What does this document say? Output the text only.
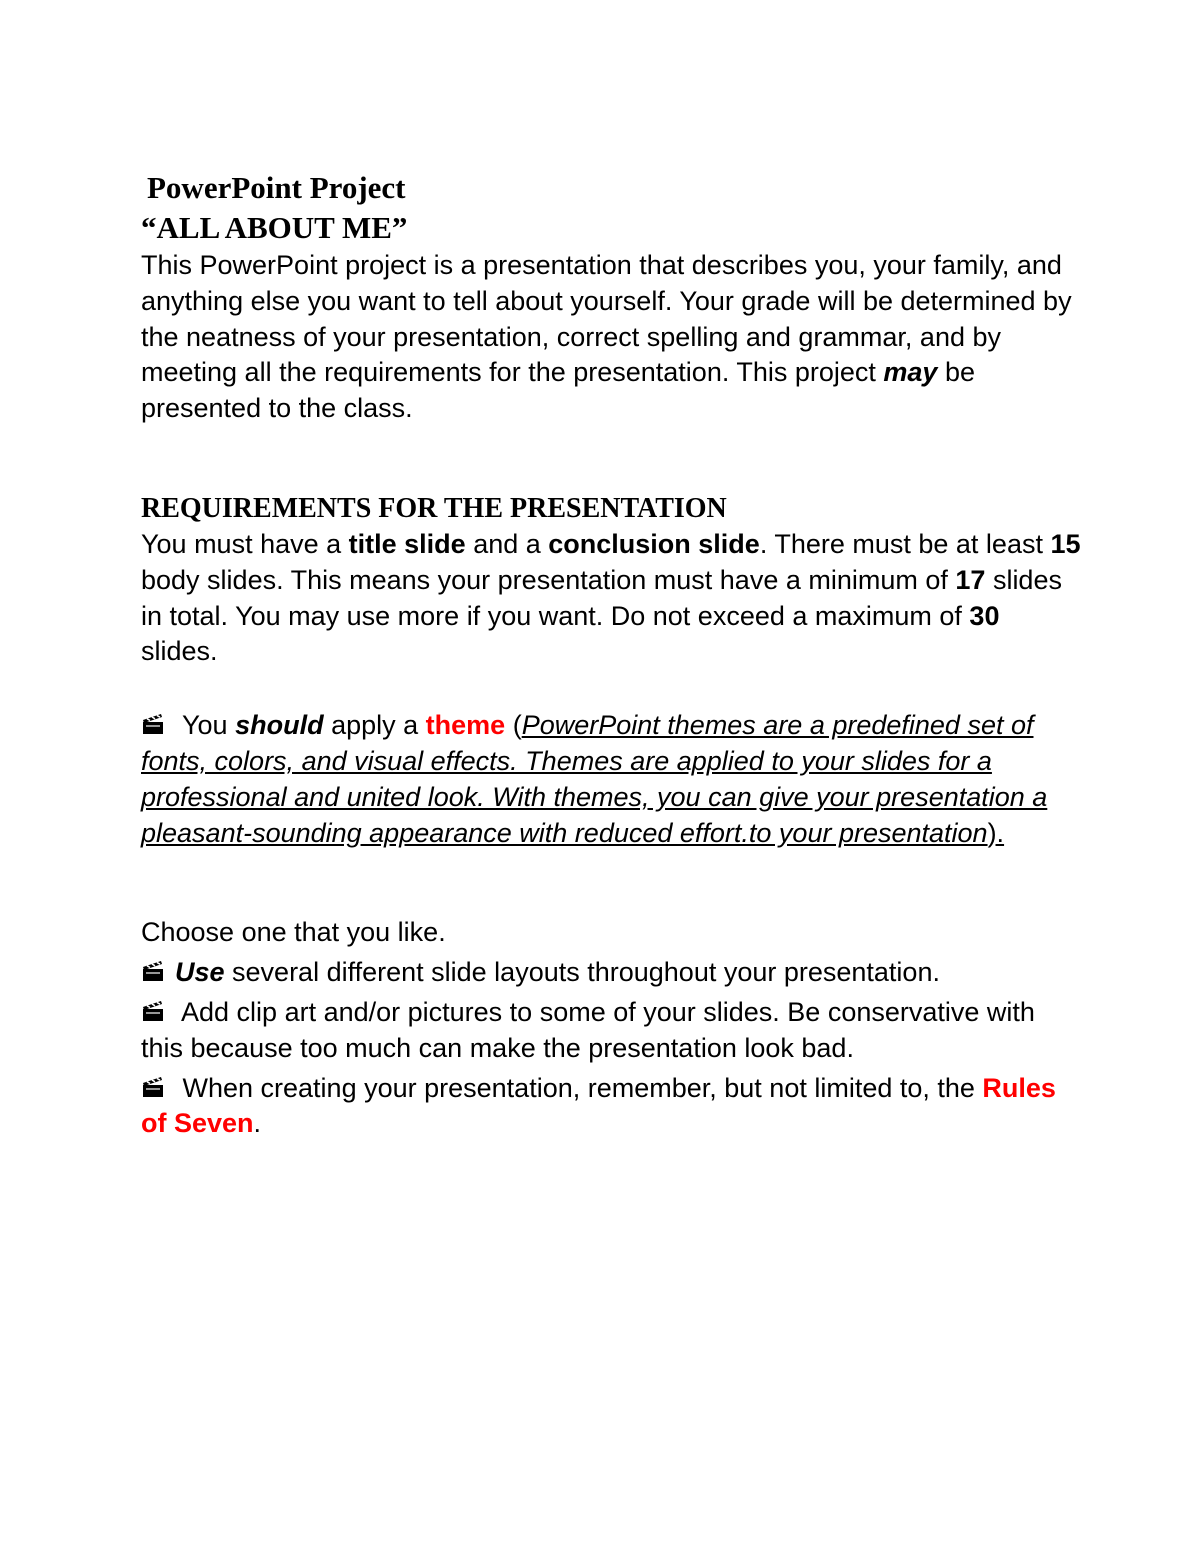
PowerPoint Project
“ALL ABOUT ME”

This PowerPoint project is a presentation that describes you, your family, and anything else you want to tell about yourself. Your grade will be determined by the neatness of your presentation, correct spelling and grammar, and by meeting all the requirements for the presentation. This project may be presented to the class.

REQUIREMENTS FOR THE PRESENTATION

You must have a title slide and a conclusion slide. There must be at least 15 body slides. This means your presentation must have a minimum of 17 slides in total. You may use more if you want. Do not exceed a maximum of 30 slides.

You should apply a theme (PowerPoint themes are a predefined set of fonts, colors, and visual effects. Themes are applied to your slides for a professional and united look. With themes, you can give your presentation a pleasant-sounding appearance with reduced effort.to your presentation).

Choose one that you like.

Use several different slide layouts throughout your presentation.

Add clip art and/or pictures to some of your slides. Be conservative with this because too much can make the presentation look bad.

When creating your presentation, remember, but not limited to, the Rules of Seven.
